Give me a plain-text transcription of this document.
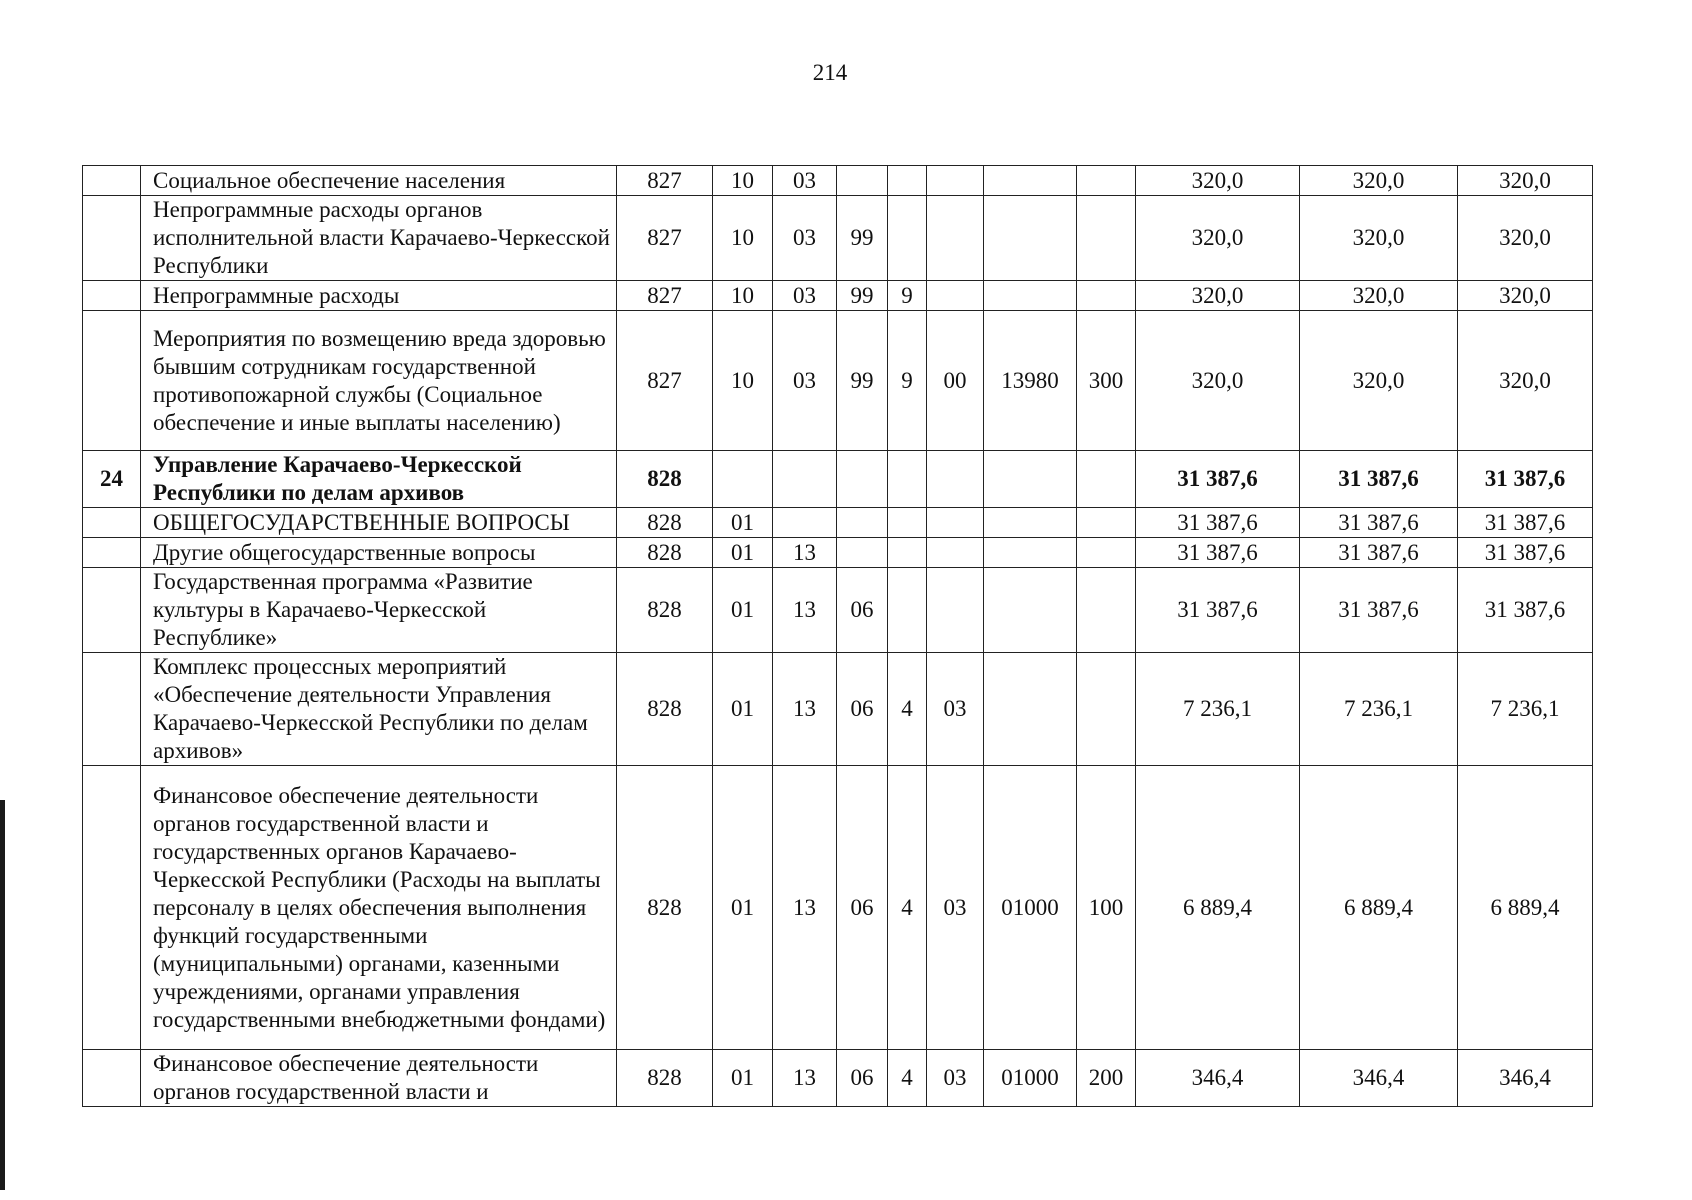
214
	Социальное обеспечение населения	827	10	03						320,0	320,0	320,0
	Непрограммные расходы органов исполнительной власти Карачаево-Черкесской Республики	827	10	03	99					320,0	320,0	320,0
	Непрограммные расходы	827	10	03	99	9				320,0	320,0	320,0
	Мероприятия по возмещению вреда здоровью бывшим сотрудникам государственной противопожарной службы (Социальное обеспечение и иные выплаты населению)	827	10	03	99	9	00	13980	300	320,0	320,0	320,0
24	Управление Карачаево-Черкесской Республики по делам архивов	828								31 387,6	31 387,6	31 387,6
	ОБЩЕГОСУДАРСТВЕННЫЕ ВОПРОСЫ	828	01							31 387,6	31 387,6	31 387,6
	Другие общегосударственные вопросы	828	01	13						31 387,6	31 387,6	31 387,6
	Государственная программа «Развитие культуры в Карачаево-Черкесской Республике»	828	01	13	06					31 387,6	31 387,6	31 387,6
	Комплекс процессных мероприятий «Обеспечение деятельности Управления Карачаево-Черкесской Республики по делам архивов»	828	01	13	06	4	03			7 236,1	7 236,1	7 236,1
	Финансовое обеспечение деятельности органов государственной власти и государственных органов Карачаево-Черкесской Республики (Расходы на выплаты персоналу в целях обеспечения выполнения функций государственными (муниципальными) органами, казенными учреждениями, органами управления государственными внебюджетными фондами)	828	01	13	06	4	03	01000	100	6 889,4	6 889,4	6 889,4
	Финансовое обеспечение деятельности органов государственной власти и	828	01	13	06	4	03	01000	200	346,4	346,4	346,4
